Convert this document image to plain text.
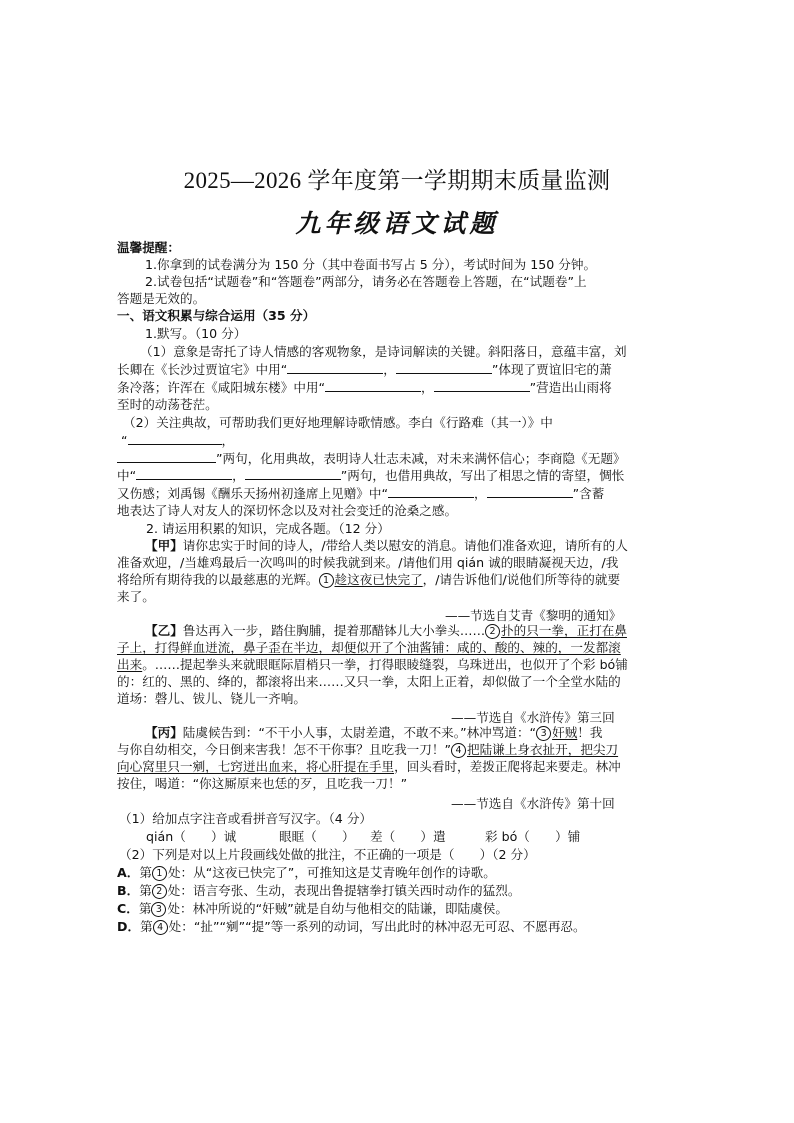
2025—2026 学年度第一学期期末质量监测
九年级语文试题
温馨提醒：
1.你拿到的试卷满分为 150 分（其中卷面书写占 5 分），考试时间为 150 分钟。
2.试卷包括“试题卷”和“答题卷”两部分，请务必在答题卷上答题，在“试题卷”上
答题是无效的。
一、语文积累与综合运用（35 分）
1.默写。（10 分）
（1）意象是寄托了诗人情感的客观物象，是诗词解读的关键。斜阳落日，意蕴丰富，刘
长卿在《长沙过贾谊宅》中用“	，	”体现了贾谊旧宅的萧
条冷落；许浑在《咸阳城东楼》中用“	，	”营造出山雨将
至时的动荡苍茫。
（2）关注典故，可帮助我们更好地理解诗歌情感。李白《行路难（其一）》中
“	，
”两句，化用典故，表明诗人壮志未减，对未来满怀信心；李商隐《无题》
中“	，	”两句，也借用典故，写出了相思之情的寄望，惆怅
又伤感；刘禹锡《酬乐天扬州初逢席上见赠》中“	，	”含蓄
地表达了诗人对友人的深切怀念以及对社会变迁的沧桑之感。
2. 请运用积累的知识，完成各题。（12 分）
【甲】请你忠实于时间的诗人，/带给人类以慰安的消息。请他们准备欢迎，请所有的人
准备欢迎，/当雄鸡最后一次鸣叫的时候我就到来。/请他们用 qián 诚的眼睛凝视天边，/我
将给所有期待我的以最慈惠的光辉。 1 趁这夜已快完了，/请告诉他们/说他们所等待的就要
来了。
——节选自艾青《黎明的通知》
【乙】鲁达再入一步，踏住胸脯，提着那醋钵儿大小拳头…… 2 扑的只一拳，正打在鼻
子上，打得鲜血迸流，鼻子歪在半边，却便似开了个油酱铺：咸的、酸的、辣的，一发都滚
出来。……提起拳头来就眼眶际眉梢只一拳，打得眼睖缝裂，乌珠迸出，也似开了个彩 bó铺
的：红的、黑的、绛的，都滚将出来……又只一拳，太阳上正着，却似做了一个全堂水陆的
道场：磬儿、钹儿、铙儿一齐响。
——节选自《水浒传》第三回
【丙】陆虞候告到：“不干小人事，太尉差遣，不敢不来。”林冲骂道：“ 3 奸贼！我
与你自幼相交，今日倒来害我！怎不干你事？且吃我一刀！” 4 把陆谦上身衣扯开，把尖刀
向心窝里只一剜，七窍迸出血来，将心肝提在手里，回头看时，差拨正爬将起来要走。林冲
按住，喝道：“你这厮原来也恁的歹，且吃我一刀！”
——节选自《水浒传》第十回
（1）给加点字注音或看拼音写汉字。（4 分）
qián（　　）诚	眼眶（　　） 差（　　）遣	彩 bó（　　）铺
（2）下列是对以上片段画线处做的批注，不正确的一项是（　　）（2 分）
A．第 1 处：从“这夜已快完了”，可推知这是艾青晚年创作的诗歌。
B．第 2 处：语言夸张、生动，表现出鲁提辖拳打镇关西时动作的猛烈。
C．第 3 处：林冲所说的“奸贼”就是自幼与他相交的陆谦，即陆虞侯。
D．第 4 处：“扯”“剜”“提”等一系列的动词，写出此时的林冲忍无可忍、不愿再忍。
